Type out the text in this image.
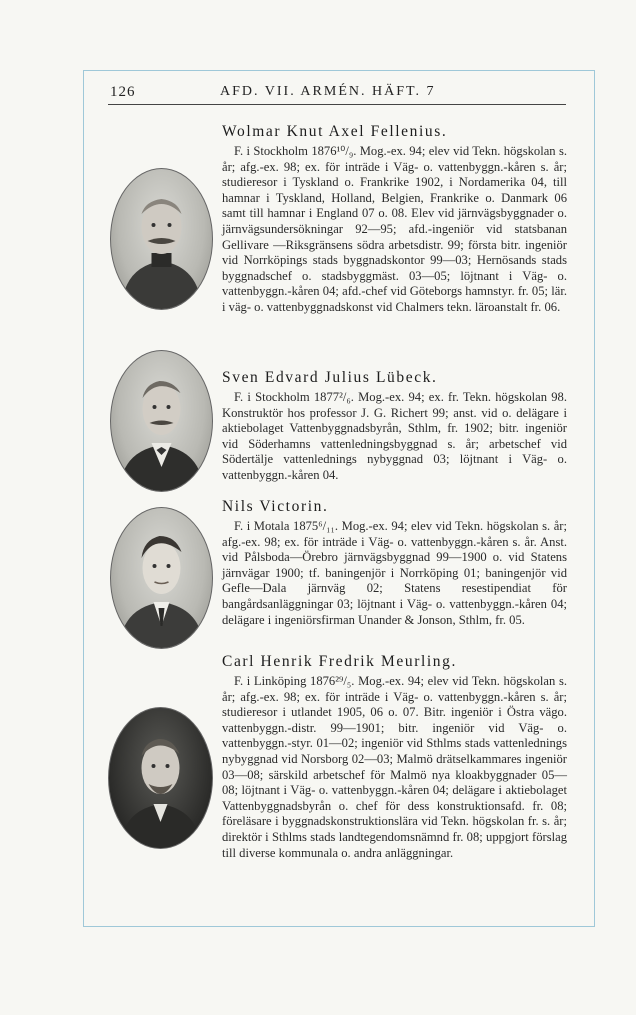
126	AFD. VII. ARMÉN. HÄFT. 7
Wolmar Knut Axel Fellenius.
F. i Stockholm 1876¹⁰/₉. Mog.-ex. 94; elev vid Tekn. högskolan s. år; afg.-ex. 98; ex. för inträde i Väg- o. vattenbyggn.-kåren s. år; studieresor i Tyskland o. Frankrike 1902, i Nordamerika 04, till hamnar i Tyskland, Holland, Belgien, Frankrike o. Danmark 06 samt till hamnar i England 07 o. 08. Elev vid järnvägsbyggnader o. järnvägsundersökningar 92—95; afd.-ingeniör vid statsbanan Gellivare —Riksgränsens södra arbetsdistr. 99; första bitr. ingeniör vid Norrköpings stads byggnadskontor 99—03; Hernösands stads byggnadschef o. stadsbyggmäst. 03—05; löjtnant i Väg- o. vattenbyggn.-kåren 04; afd.-chef vid Göteborgs hamnstyr. fr. 05; lär. i väg- o. vattenbyggnadskonst vid Chalmers tekn. läroanstalt fr. 06.
Sven Edvard Julius Lübeck.
F. i Stockholm 1877²/₆. Mog.-ex. 94; ex. fr. Tekn. högskolan 98. Konstruktör hos professor J. G. Richert 99; anst. vid o. delägare i aktiebolaget Vattenbyggnadsbyrån, Sthlm, fr. 1902; bitr. ingeniör vid Söderhamns vattenledningsbyggnad s. år; arbetschef vid Södertälje vattenlednings nybyggnad 03; löjtnant i Väg- o. vattenbyggn.-kåren 04.
Nils Victorin.
F. i Motala 1875⁶/₁₁. Mog.-ex. 94; elev vid Tekn. högskolan s. år; afg.-ex. 98; ex. för inträde i Väg- o. vattenbyggn.-kåren s. år. Anst. vid Pålsboda—Örebro järnvägsbyggnad 99—1900 o. vid Statens järnvägar 1900; tf. baningenjör i Norrköping 01; baningenjör vid Gefle—Dala järnväg 02; Statens resestipendiat för bangårdsanläggningar 03; löjtnant i Väg- o. vattenbyggn.-kåren 04; delägare i ingeniörsfirman Unander & Jonson, Sthlm, fr. 05.
Carl Henrik Fredrik Meurling.
F. i Linköping 1876²⁹/₅. Mog.-ex. 94; elev vid Tekn. högskolan s. år; afg.-ex. 98; ex. för inträde i Väg- o. vattenbyggn.-kåren s. år; studieresor i utlandet 1905, 06 o. 07. Bitr. ingeniör i Östra vägo. vattenbyggn.-distr. 99—1901; bitr. ingeniör vid Väg- o. vattenbyggn.-styr. 01—02; ingeniör vid Sthlms stads vattenlednings nybyggnad vid Norsborg 02—03; Malmö drätselkammares ingeniör 03—08; särskild arbetschef för Malmö nya kloakbyggnader 05—08; löjtnant i Väg- o. vattenbyggn.-kåren 04; delägare i aktiebolaget Vattenbyggnadsbyrån o. chef för dess konstruktionsafd. fr. 08; föreläsare i byggnadskonstruktionslära vid Tekn. högskolan fr. s. år; direktör i Sthlms stads landtegendomsnämnd fr. 08; uppgjort förslag till diverse kommunala o. andra anläggningar.
